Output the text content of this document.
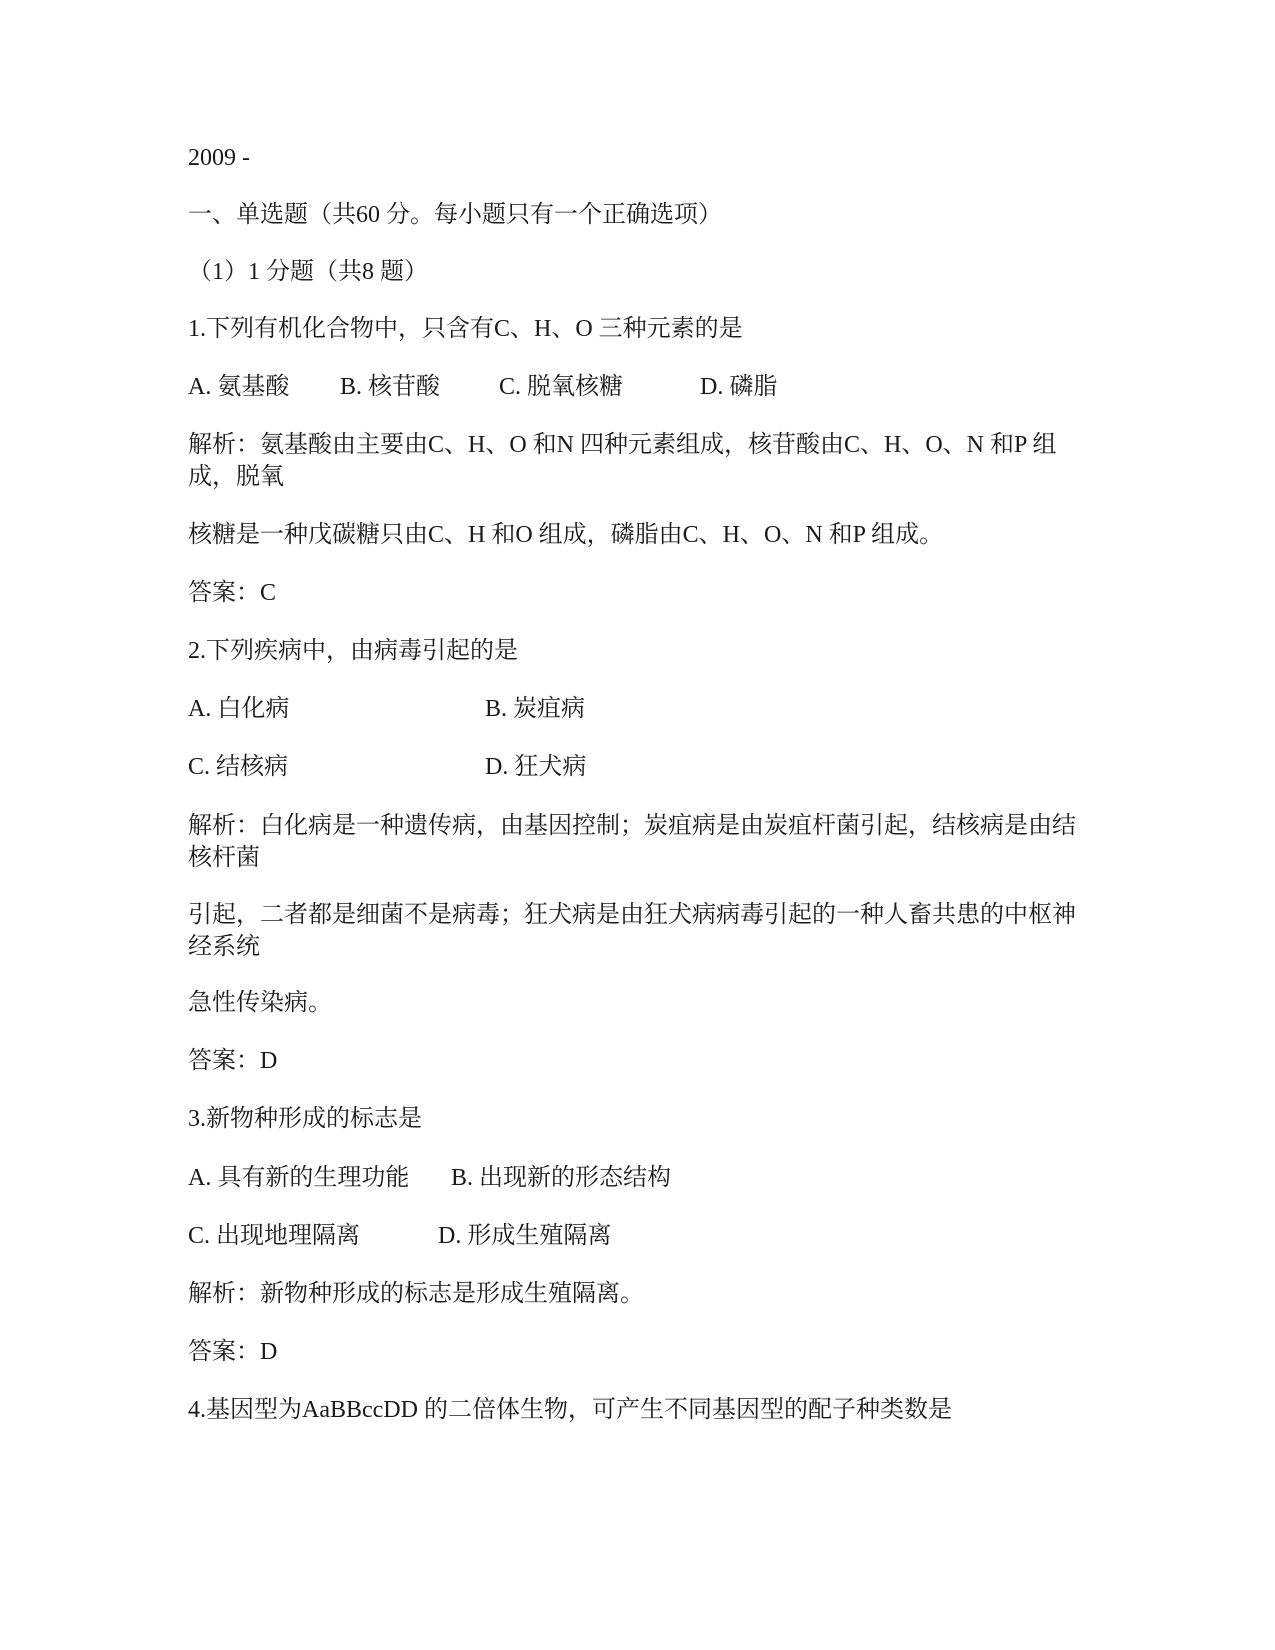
2009 -
一、单选题（共60 分。每小题只有一个正确选项）
（1）1 分题（共8 题）
1.下列有机化合物中，只含有C、H、O 三种元素的是
A. 氨基酸 B. 核苷酸 C. 脱氧核糖	D. 磷脂
解析：氨基酸由主要由C、H、O 和N 四种元素组成，核苷酸由C、H、O、N 和P 组成，脱氧
核糖是一种戊碳糖只由C、H 和O 组成，磷脂由C、H、O、N 和P 组成。
答案：C
2.下列疾病中，由病毒引起的是
A. 白化病	B. 炭疽病
C. 结核病	D. 狂犬病
解析：白化病是一种遗传病，由基因控制；炭疽病是由炭疽杆菌引起，结核病是由结核杆菌
引起，二者都是细菌不是病毒；狂犬病是由狂犬病病毒引起的一种人畜共患的中枢神经系统
急性传染病。
答案：D
3.新物种形成的标志是
A. 具有新的生理功能 B. 出现新的形态结构
C. 出现地理隔离	D. 形成生殖隔离
解析：新物种形成的标志是形成生殖隔离。
答案：D
4.基因型为AaBBccDD 的二倍体生物，可产生不同基因型的配子种类数是
